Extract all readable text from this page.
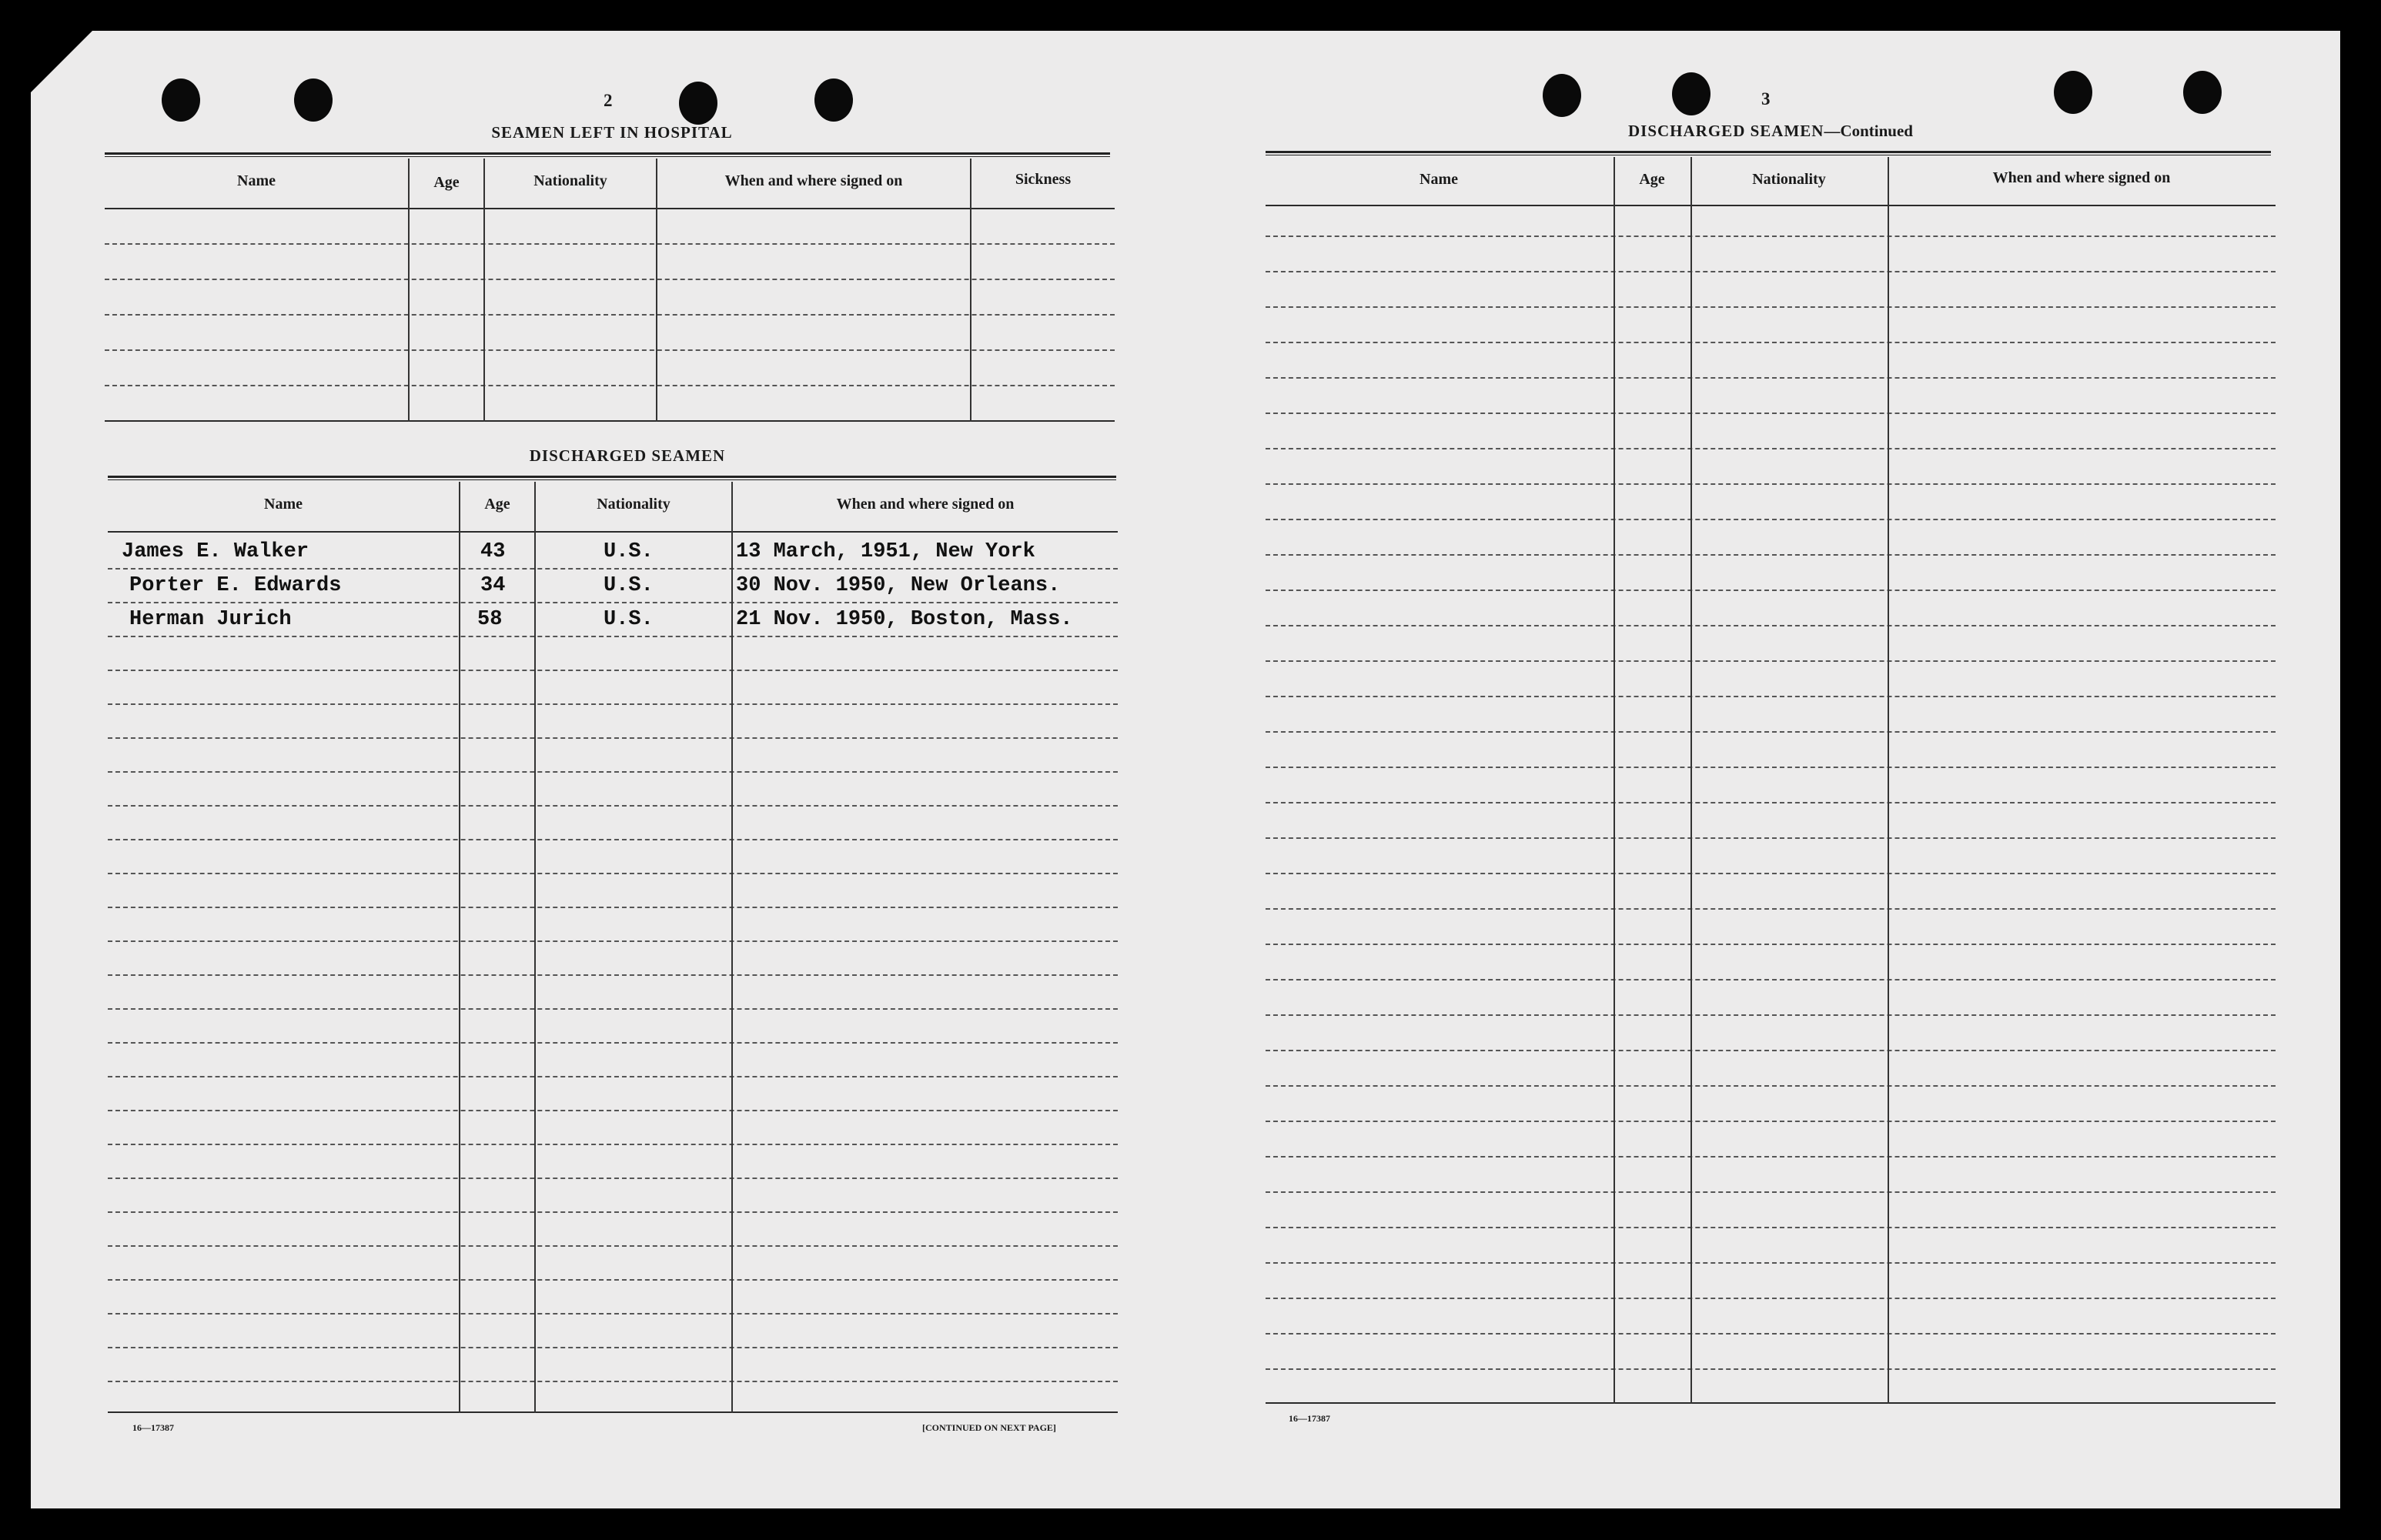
2
SEAMEN LEFT IN HOSPITAL
Name	Age	Nationality	When and where signed on	Sickness
DISCHARGED SEAMEN
Name	Age	Nationality	When and where signed on
James E. Walker	43	U.S.	13 March, 1951, New York
Porter E. Edwards	34	U.S.	30 Nov. 1950, New Orleans.
Herman Jurich	58	U.S.	21 Nov. 1950, Boston, Mass.
16—17387	[CONTINUED ON NEXT PAGE]
3
DISCHARGED SEAMEN—Continued
Name	Age	Nationality	When and where signed on
16—17387
